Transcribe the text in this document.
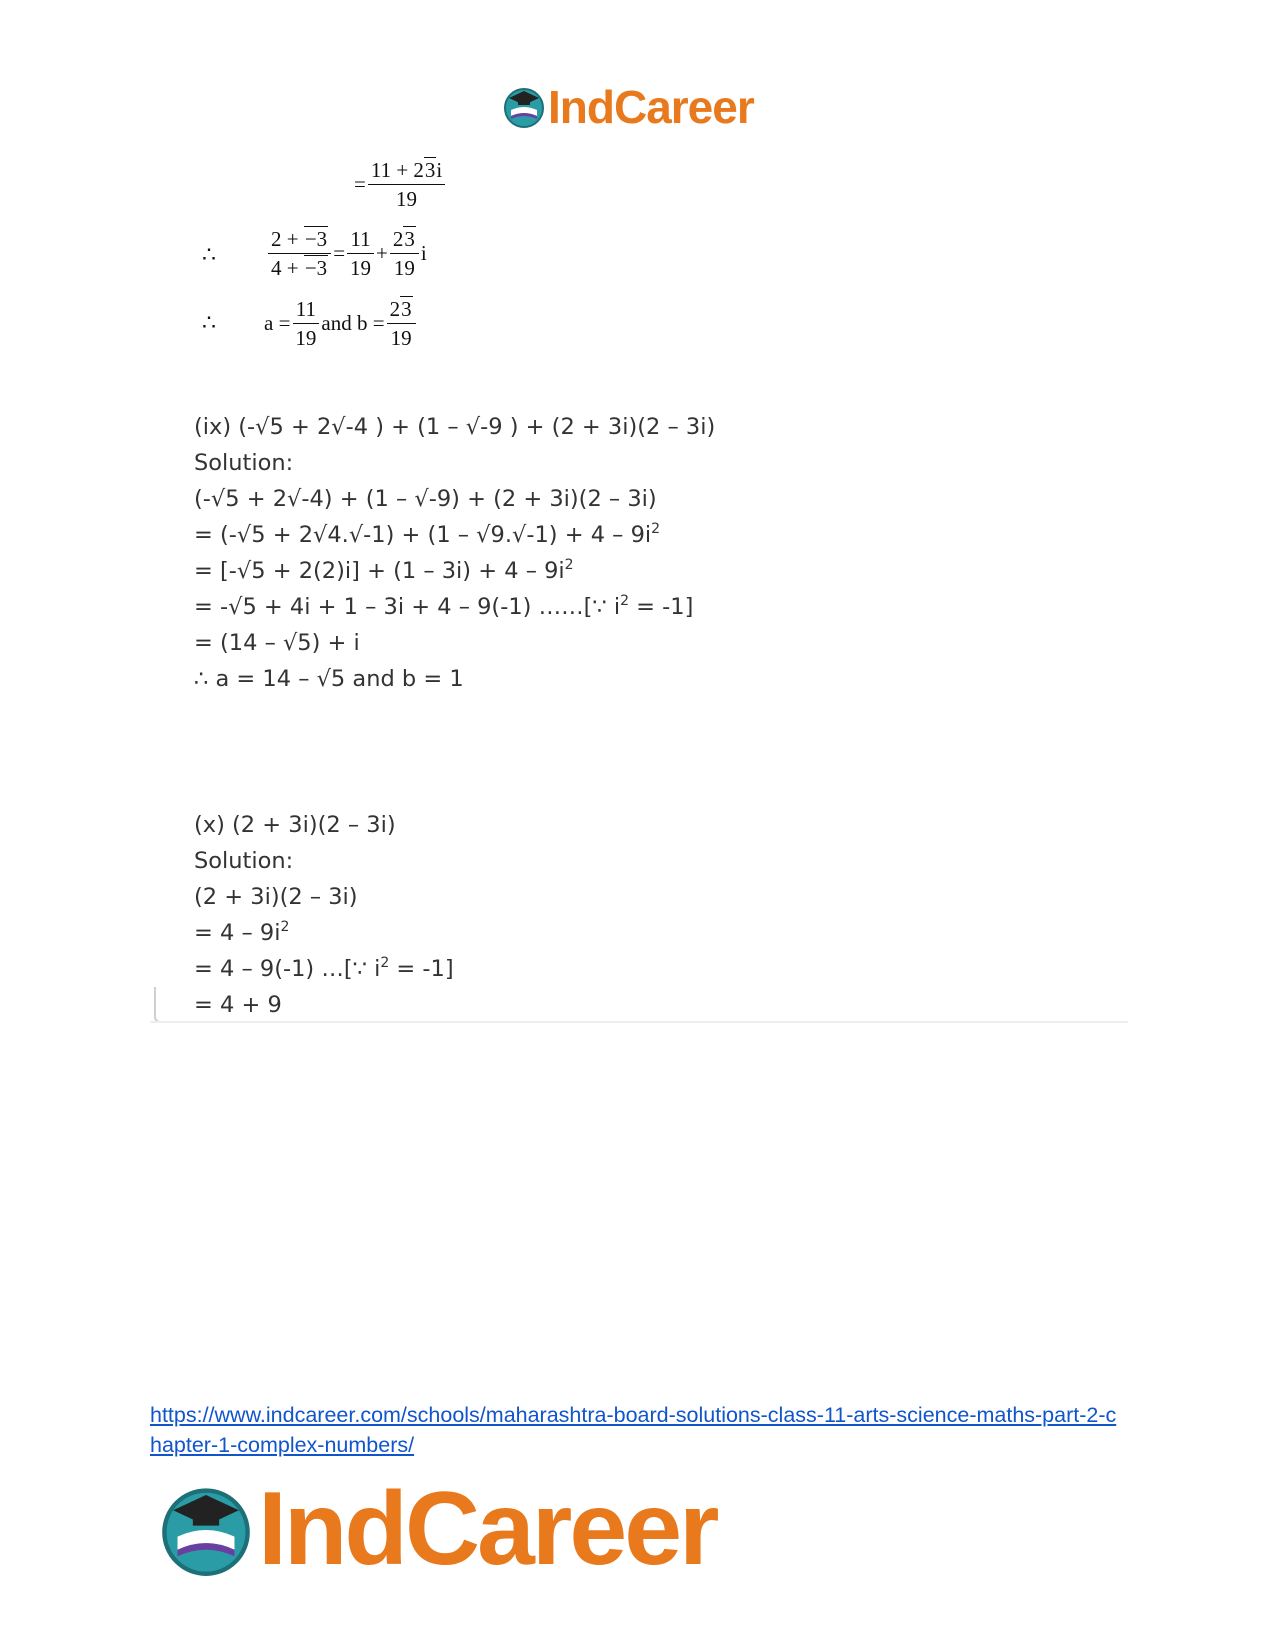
IndCareer
= $\frac{11 + 23i}{19}$
∴ $\frac{2 + -3}{4 + -3} = \frac{11}{19} + \frac{23}{19}$ i
∴ $a = \frac{11}{19}$ and $b = \frac{23}{19}$
(ix) (-√5 + 2√-4 ) + (1 – √-9 ) + (2 + 3i)(2 – 3i)
Solution:
(-√5 + 2√-4) + (1 – √-9) + (2 + 3i)(2 – 3i)
= $(-√5 + 2√4.√-1) + (1 - √9.√-1) + 4 - 9i^2$
= $[-√5 + 2(2)i] + (1 - 3i) + 4 - 9i^2$
= -√5 + 4i + 1 – 3i + 4 – 9(-1) ……[∵ $i^2 = -1$]
= (14 – √5) + i
∴ a = 14 – √5 and b = 1
(x) (2 + 3i)(2 – 3i)
Solution:
(2 + 3i)(2 – 3i)
= $4 - 9i^2$
= 4 – 9(-1) …[∵ $i^2 = -1$]
= 4 + 9
https://www.indcareer.com/schools/maharashtra-board-solutions-class-11-arts-science-maths-part-2-chapter-1-complex-numbers/
IndCareer
